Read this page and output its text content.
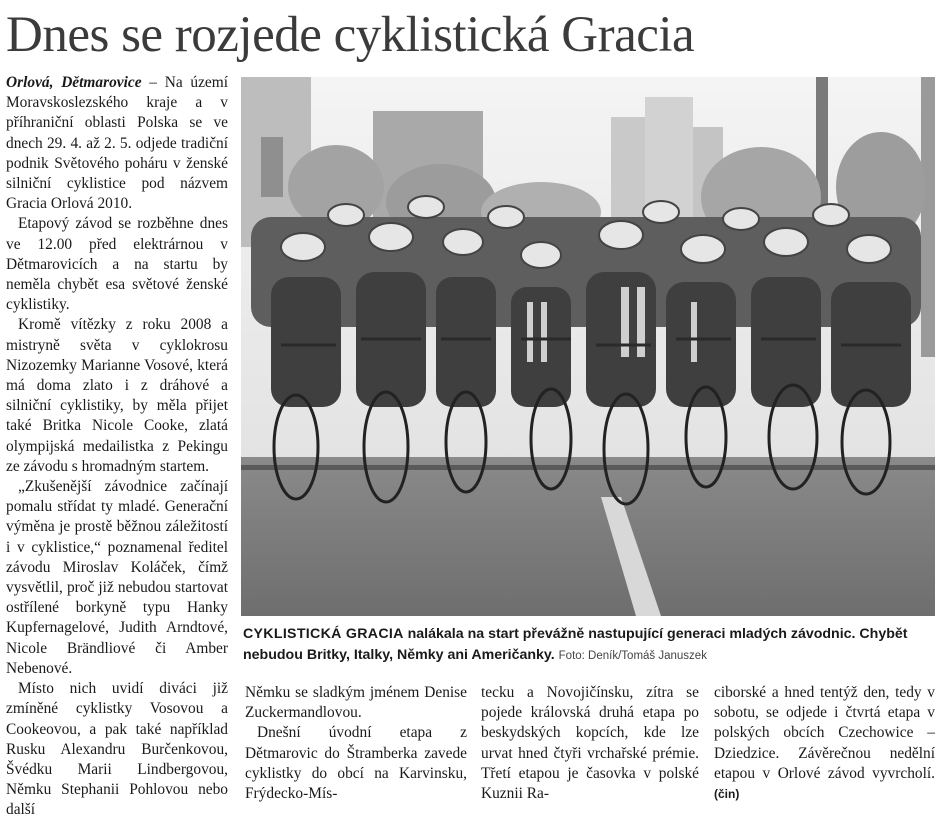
Dnes se rozjede cyklistická Gracia

Orlová, Dětmarovice – Na území Moravskoslezského kraje a v příhraniční oblasti Polska se ve dnech 29. 4. až 2. 5. odjede tradiční podnik Světového poháru v ženské silniční cyklistice pod názvem Gracia Orlová 2010.

Etapový závod se rozběhne dnes ve 12.00 před elektrárnou v Dětmarovicích a na startu by neměla chybět esa světové ženské cyklistiky.

Kromě vítězky z roku 2008 a mistryně světa v cyklokrosu Nizozemky Marianne Vosové, která má doma zlato i z dráhové a silniční cyklistiky, by měla přijet také Britka Nicole Cooke, zlatá olympijská medailistka z Pekingu ze závodu s hromadným startem.

„Zkušenější závodnice začínají pomalu střídat ty mladé. Generační výměna je prostě běžnou záležitostí i v cyklistice,“ poznamenal ředitel závodu Miroslav Koláček, čímž vysvětlil, proč již nebudou startovat ostřílené borkyně typu Hanky Kupfernagelové, Judith Arndtové, Nicole Brändliové či Amber Nebenové.

Místo nich uvidí diváci již zmíněné cyklistky Vosovou a Cookeovou, a pak také například Rusku Alexandru Burčenkovou, Švédku Marii Lindbergovou, Němku Stephanii Pohlovou nebo další

CYKLISTICKÁ GRACIA nalákala na start převážně nastupující generaci mladých závodnic. Chybět nebudou Britky, Italky, Němky ani Američanky. Foto: Deník/Tomáš Januszek

Němku se sladkým jménem Denise Zuckermandlovou.

Dnešní úvodní etapa z Dětmarovic do Štramberka zavede cyklistky do obcí na Karvinsku, Frýdecko-Mís-

tecku a Novojičínsku, zítra se pojede královská druhá etapa po beskydských kopcích, kde lze urvat hned čtyři vrchařské prémie. Třetí etapou je časovka v polské Kuznii Ra-

ciborské a hned tentýž den, tedy v sobotu, se odjede i čtvrtá etapa v polských obcích Czechowice – Dziedzice. Závěrečnou nedělní etapou v Orlové závod vyvrcholí. (čin)
